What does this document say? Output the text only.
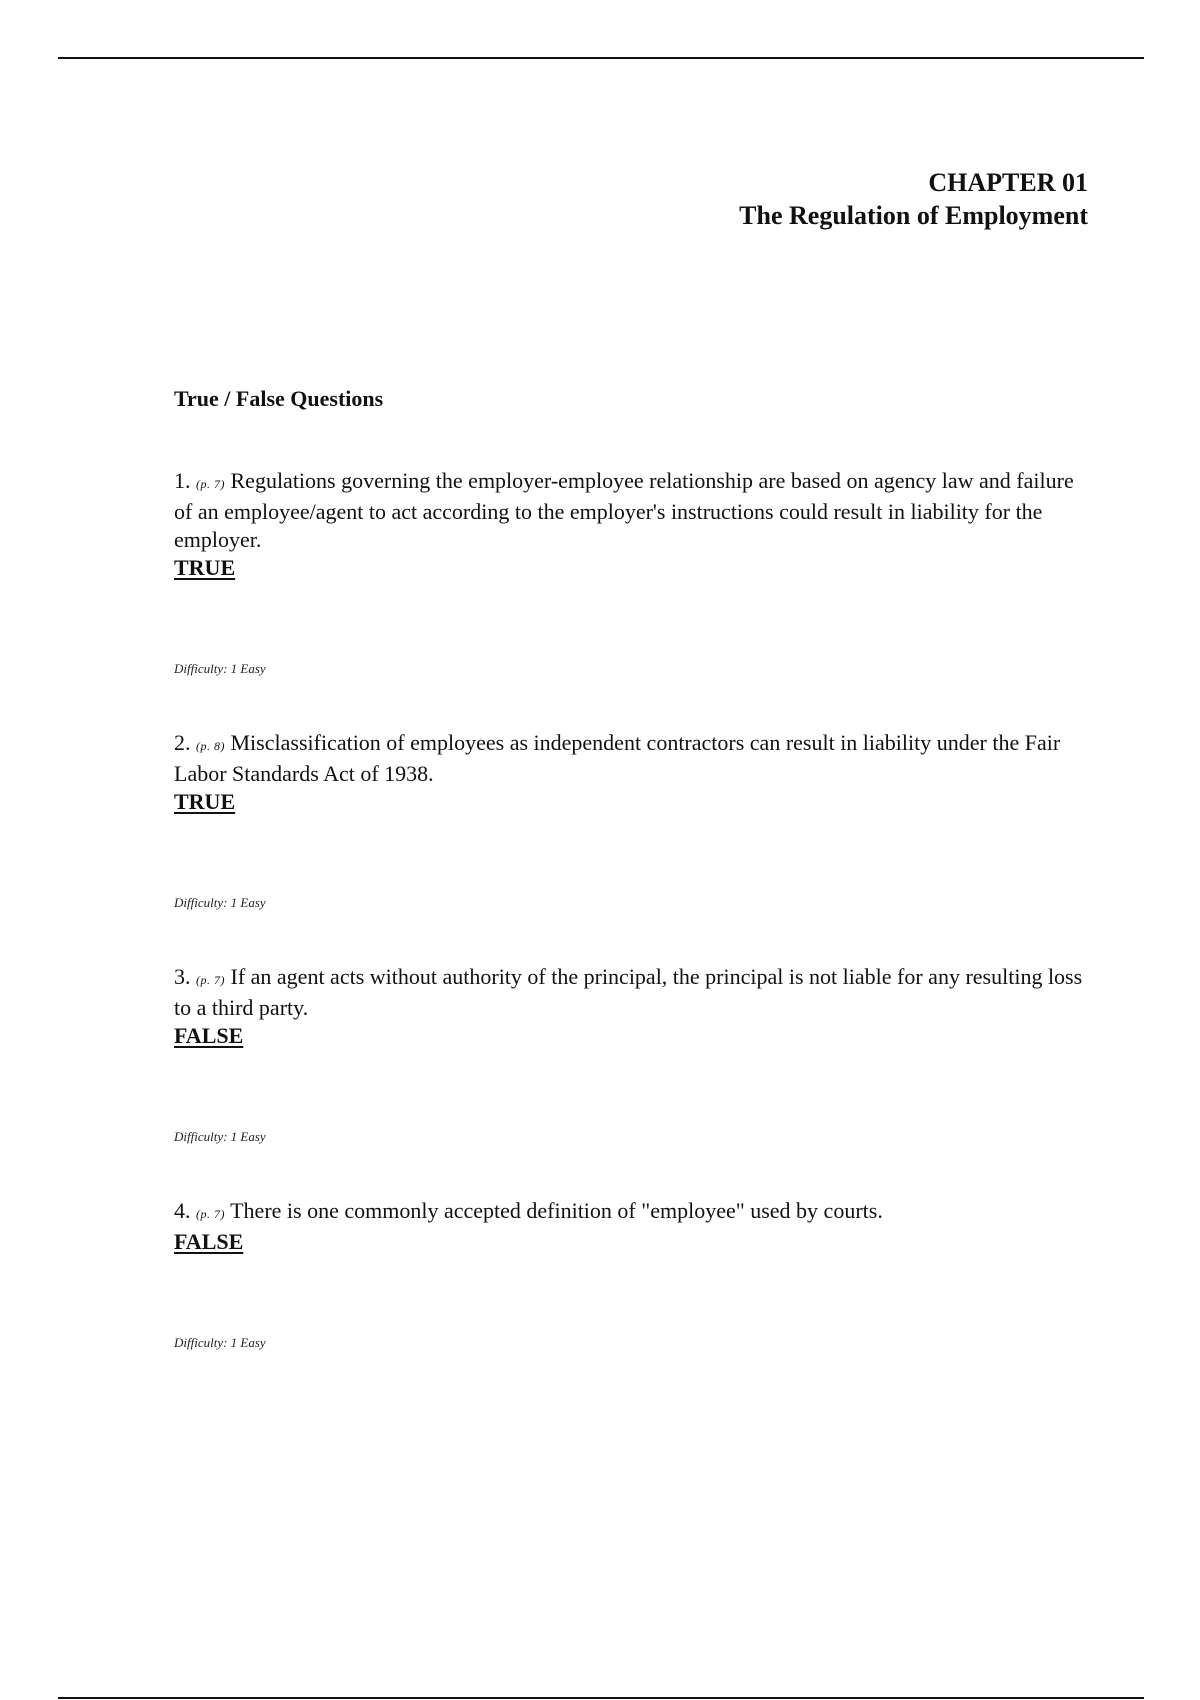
CHAPTER 01
The Regulation of Employment
True / False Questions

1. (p. 7) Regulations governing the employer-employee relationship are based on agency law and failure of an employee/agent to act according to the employer's instructions could result in liability for the employer.

TRUE
Difficulty: 1 Easy

2. (p. 8) Misclassification of employees as independent contractors can result in liability under the Fair Labor Standards Act of 1938.

TRUE
Difficulty: 1 Easy

3. (p. 7) If an agent acts without authority of the principal, the principal is not liable for any resulting loss to a third party.

FALSE
Difficulty: 1 Easy

4. (p. 7) There is one commonly accepted definition of "employee" used by courts.

FALSE
Difficulty: 1 Easy
